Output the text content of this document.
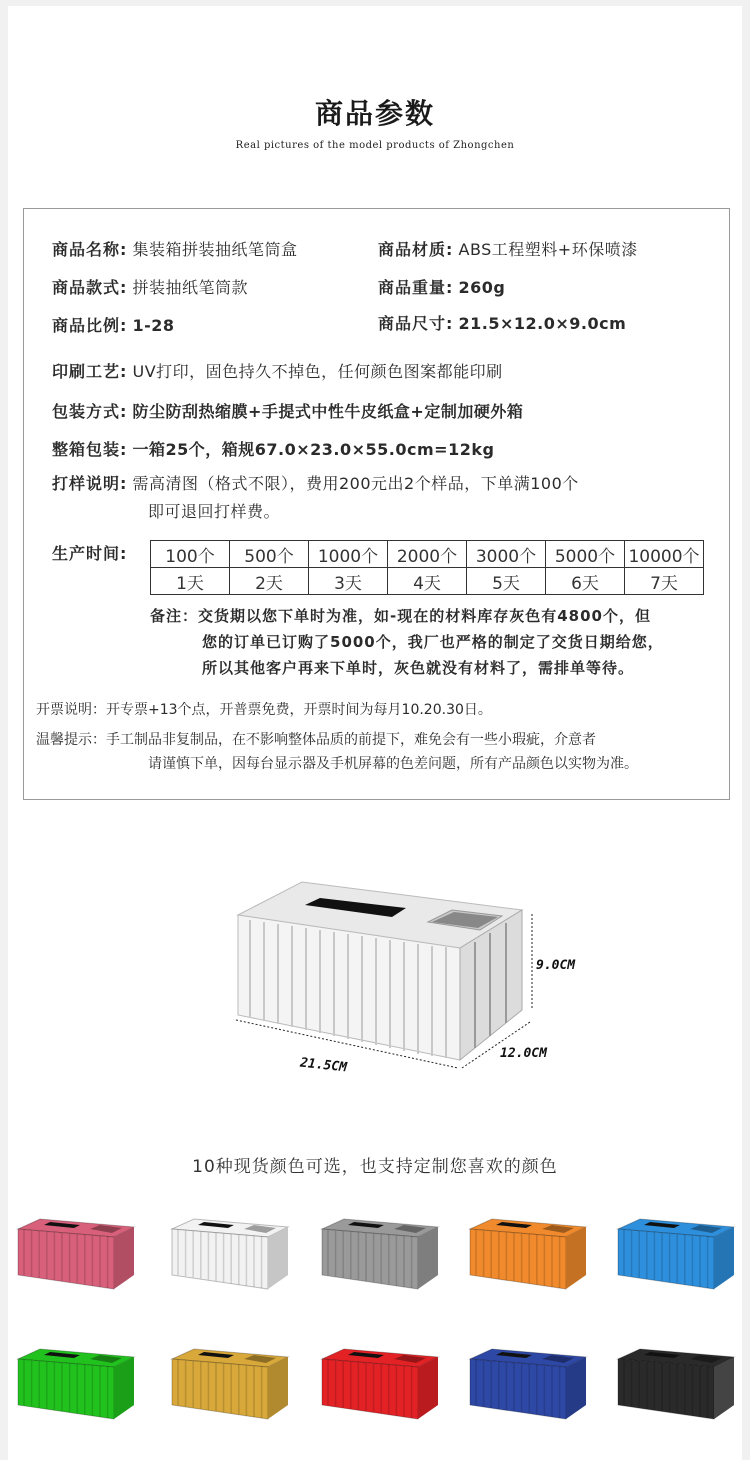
商品参数
Real pictures of the model products of Zhongchen
商品名称: 集装箱拼装抽纸笔筒盒	商品材质: ABS工程塑料+环保喷漆
商品款式: 拼装抽纸笔筒款	商品重量: 260g
商品比例: 1-28	商品尺寸: 21.5×12.0×9.0cm
印刷工艺: UV打印，固色持久不掉色，任何颜色图案都能印刷
包装方式: 防尘防刮热缩膜+手提式中性牛皮纸盒+定制加硬外箱
整箱包装: 一箱25个，箱规67.0×23.0×55.0cm=12kg
打样说明: 需高清图（格式不限），费用200元出2个样品，下单满100个
即可退回打样费。
生产时间: 100个	500个	1000个	2000个	3000个	5000个	10000个
1天	2天	3天	4天	5天	6天	7天
备注：交货期以您下单时为准，如-现在的材料库存灰色有4800个，但
您的订单已订购了5000个，我厂也严格的制定了交货日期给您，
所以其他客户再来下单时，灰色就没有材料了，需排单等待。
开票说明：开专票+13个点，开普票免费，开票时间为每月10.20.30日。
温馨提示：手工制品非复制品，在不影响整体品质的前提下，难免会有一些小瑕疵，介意者
请谨慎下单，因每台显示器及手机屏幕的色差问题，所有产品颜色以实物为准。
9.0CM
12.0CM
21.5CM
10种现货颜色可选，也支持定制您喜欢的颜色
